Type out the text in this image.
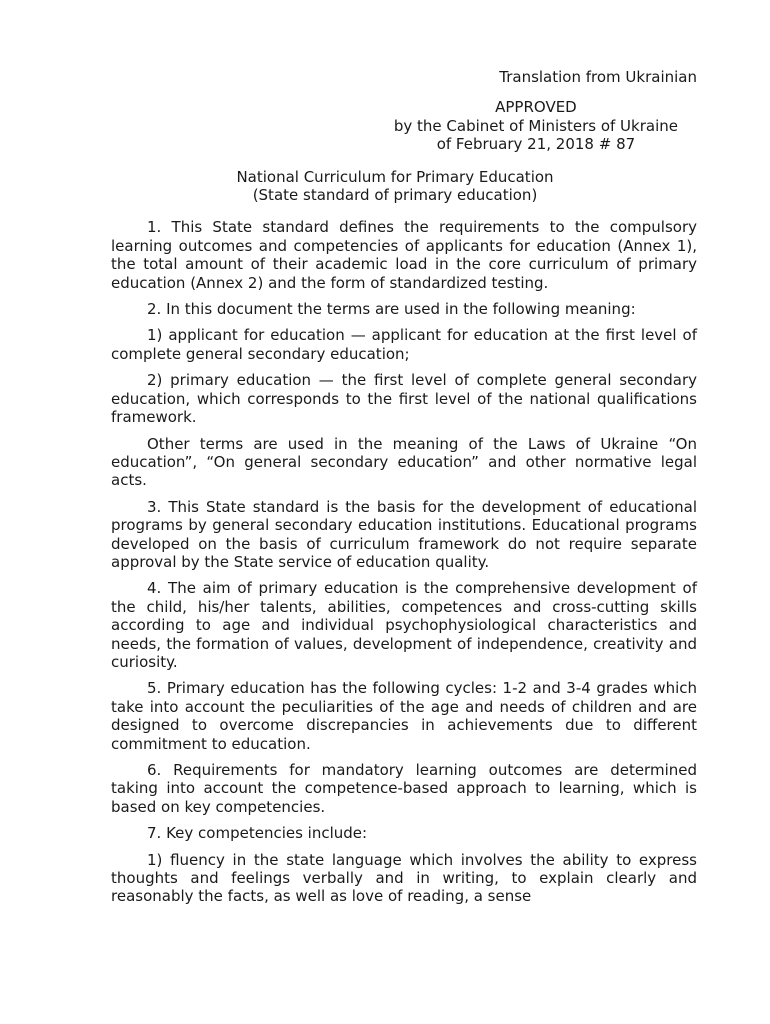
Translation from Ukrainian
APPROVED
by the Cabinet of Ministers of Ukraine
of February 21, 2018 # 87
National Curriculum for Primary Education
(State standard of primary education)

1. This State standard defines the requirements to the compulsory learning outcomes and competencies of applicants for education (Annex 1), the total amount of their academic load in the core curriculum of primary education (Annex 2) and the form of standardized testing.

2. In this document the terms are used in the following meaning:

1) applicant for education — applicant for education at the first level of complete general secondary education;

2) primary education — the first level of complete general secondary education, which corresponds to the first level of the national qualifications framework.

Other terms are used in the meaning of the Laws of Ukraine “On education”, “On general secondary education” and other normative legal acts.

3. This State standard is the basis for the development of educational programs by general secondary education institutions. Educational programs developed on the basis of curriculum framework do not require separate approval by the State service of education quality.

4. The aim of primary education is the comprehensive development of the child, his/her talents, abilities, competences and cross-cutting skills according to age and individual psychophysiological characteristics and needs, the formation of values, development of independence, creativity and curiosity.

5. Primary education has the following cycles: 1-2 and 3-4 grades which take into account the peculiarities of the age and needs of children and are designed to overcome discrepancies in achievements due to different commitment to education.

6. Requirements for mandatory learning outcomes are determined taking into account the competence-based approach to learning, which is based on key competencies.

7. Key competencies include:

1) fluency in the state language which involves the ability to express thoughts and feelings verbally and in writing, to explain clearly and reasonably the facts, as well as love of reading, a sense
